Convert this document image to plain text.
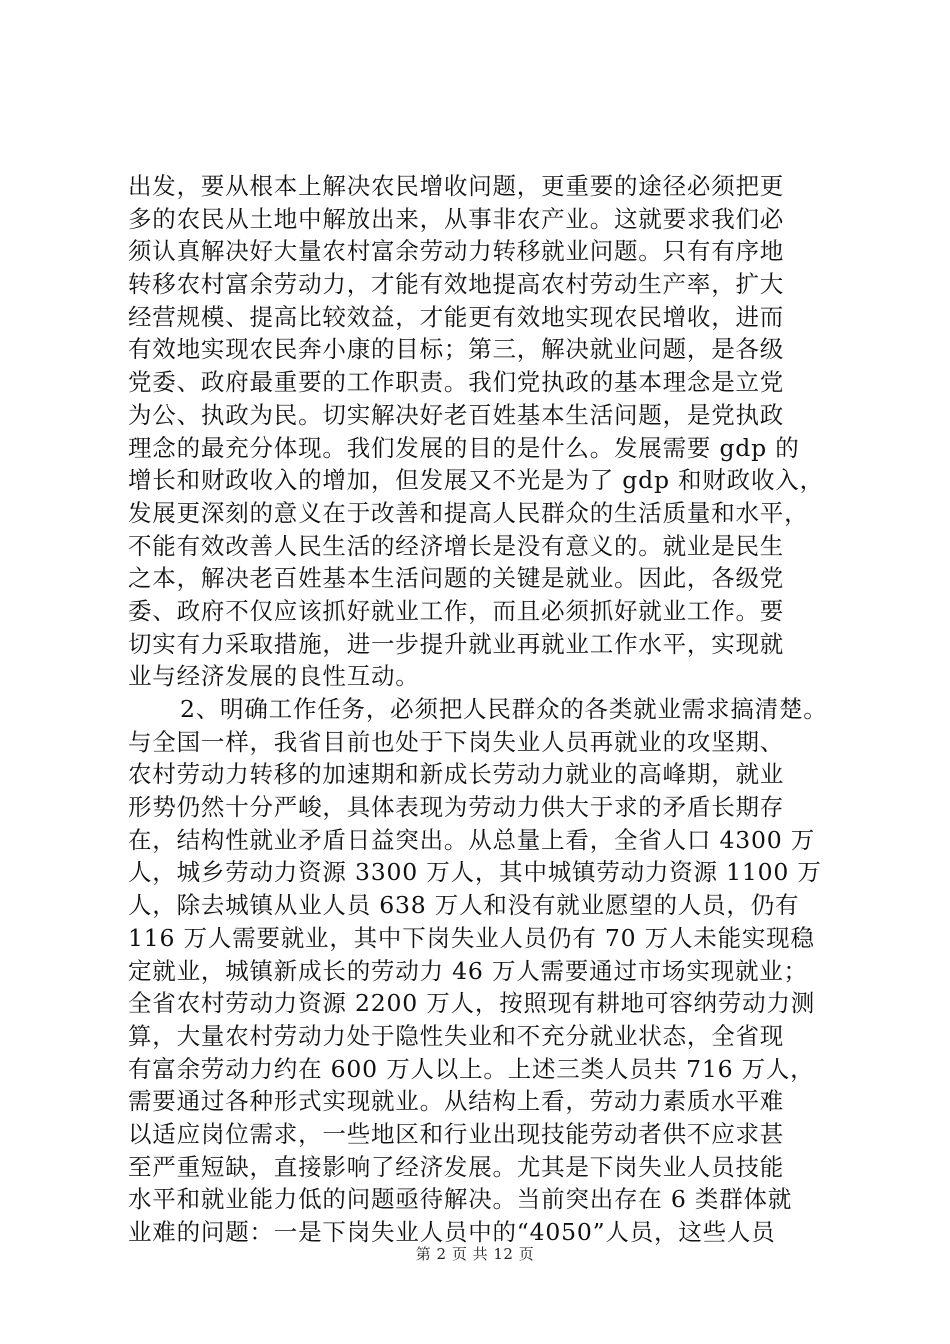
出发，要从根本上解决农民增收问题，更重要的途径必须把更
多的农民从土地中解放出来，从事非农产业。这就要求我们必
须认真解决好大量农村富余劳动力转移就业问题。只有有序地
转移农村富余劳动力，才能有效地提高农村劳动生产率，扩大
经营规模、提高比较效益，才能更有效地实现农民增收，进而
有效地实现农民奔小康的目标；第三，解决就业问题，是各级
党委、政府最重要的工作职责。我们党执政的基本理念是立党
为公、执政为民。切实解决好老百姓基本生活问题，是党执政
理念的最充分体现。我们发展的目的是什么。发展需要 gdp 的
增长和财政收入的增加，但发展又不光是为了 gdp 和财政收入，
发展更深刻的意义在于改善和提高人民群众的生活质量和水平，
不能有效改善人民生活的经济增长是没有意义的。就业是民生
之本，解决老百姓基本生活问题的关键是就业。因此，各级党
委、政府不仅应该抓好就业工作，而且必须抓好就业工作。要
切实有力采取措施，进一步提升就业再就业工作水平，实现就
业与经济发展的良性互动。
2、明确工作任务，必须把人民群众的各类就业需求搞清楚。
与全国一样，我省目前也处于下岗失业人员再就业的攻坚期、
农村劳动力转移的加速期和新成长劳动力就业的高峰期，就业
形势仍然十分严峻，具体表现为劳动力供大于求的矛盾长期存
在，结构性就业矛盾日益突出。从总量上看，全省人口 4300 万
人，城乡劳动力资源 3300 万人，其中城镇劳动力资源 1100 万
人，除去城镇从业人员 638 万人和没有就业愿望的人员，仍有
116 万人需要就业，其中下岗失业人员仍有 70 万人未能实现稳
定就业，城镇新成长的劳动力 46 万人需要通过市场实现就业；
全省农村劳动力资源 2200 万人，按照现有耕地可容纳劳动力测
算，大量农村劳动力处于隐性失业和不充分就业状态，全省现
有富余劳动力约在 600 万人以上。上述三类人员共 716 万人，
需要通过各种形式实现就业。从结构上看，劳动力素质水平难
以适应岗位需求，一些地区和行业出现技能劳动者供不应求甚
至严重短缺，直接影响了经济发展。尤其是下岗失业人员技能
水平和就业能力低的问题亟待解决。当前突出存在 6 类群体就
业难的问题：一是下岗失业人员中的“4050”人员，这些人员
第 2 页 共 12 页
